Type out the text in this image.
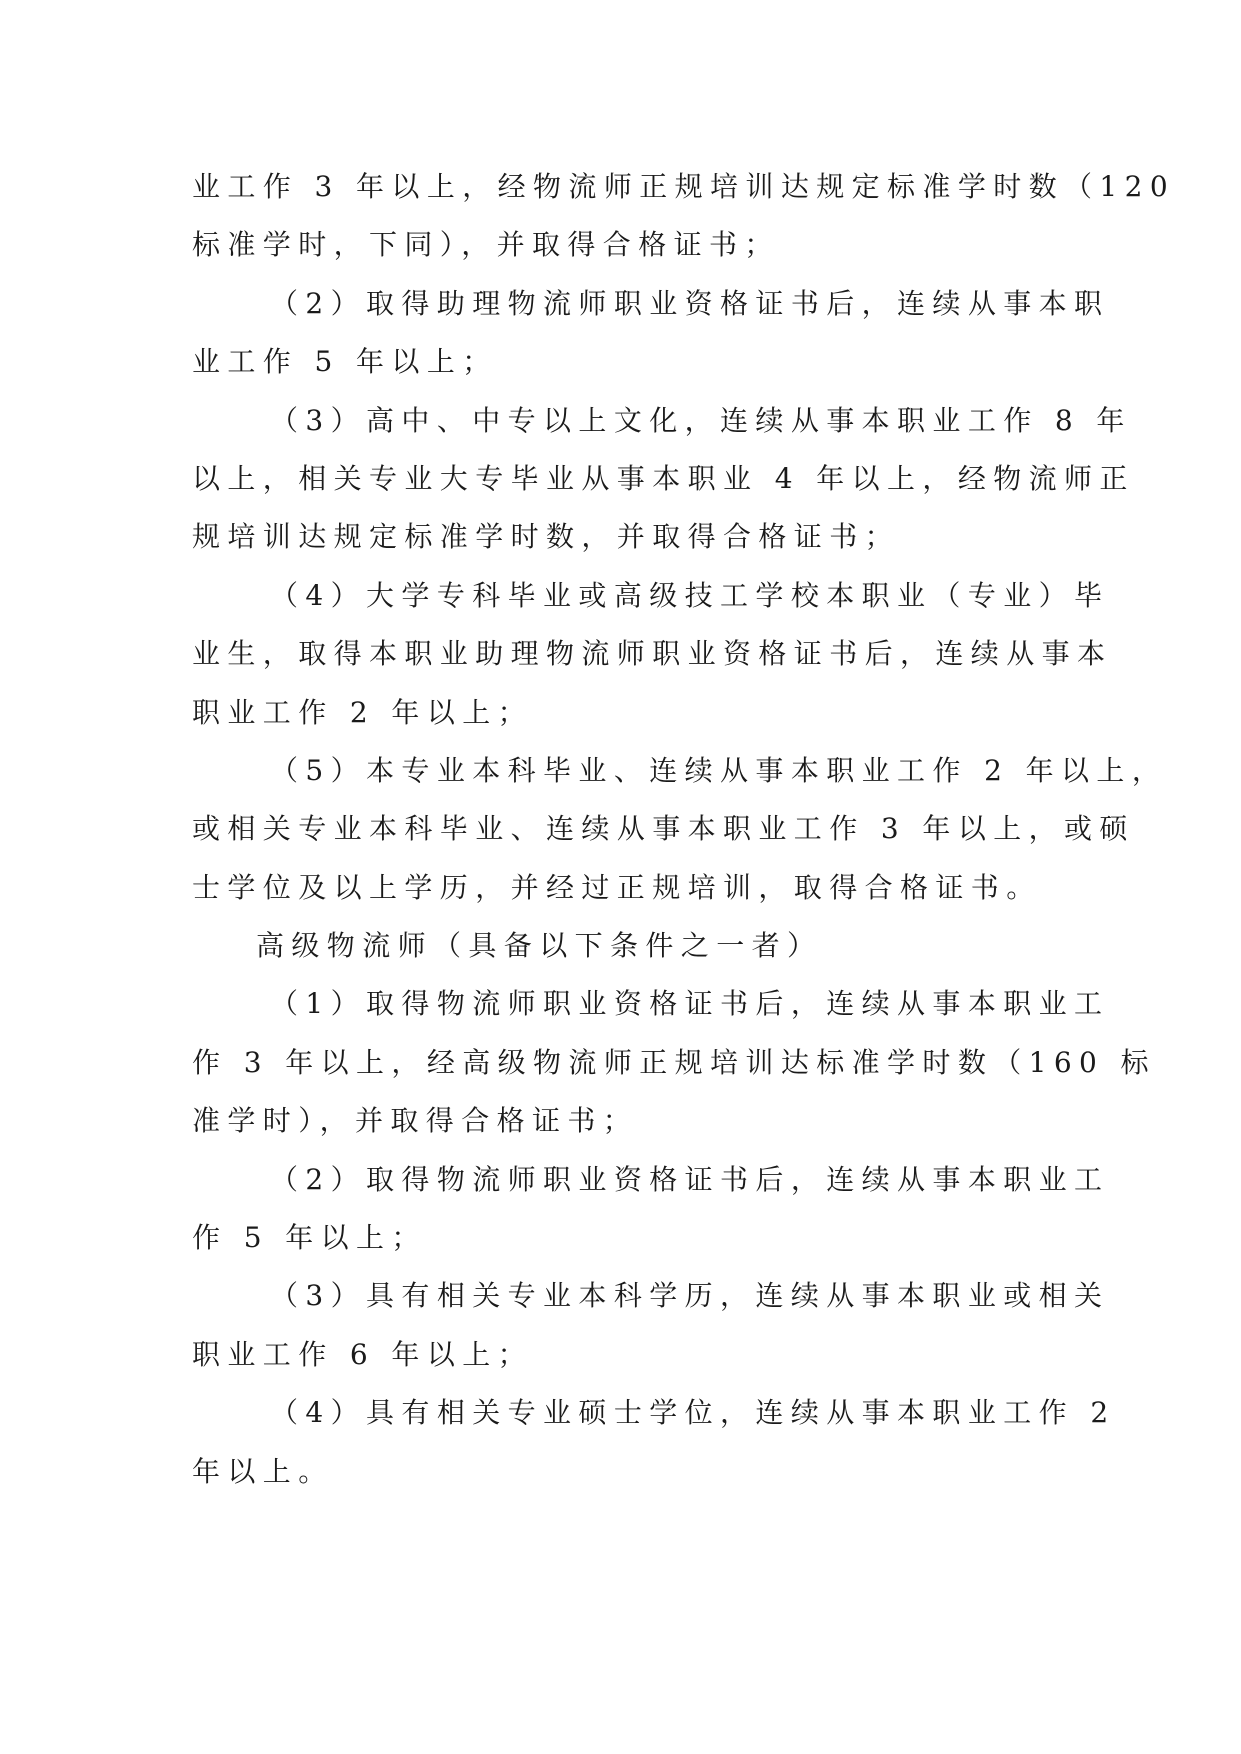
业工作 3 年以上，经物流师正规培训达规定标准学时数（120
标准学时，下同），并取得合格证书；
（2）取得助理物流师职业资格证书后，连续从事本职
业工作 5 年以上；
（3）高中、中专以上文化，连续从事本职业工作 8 年
以上，相关专业大专毕业从事本职业 4 年以上，经物流师正
规培训达规定标准学时数，并取得合格证书；
（4）大学专科毕业或高级技工学校本职业（专业）毕
业生，取得本职业助理物流师职业资格证书后，连续从事本
职业工作 2 年以上；
（5）本专业本科毕业、连续从事本职业工作 2 年以上，
或相关专业本科毕业、连续从事本职业工作 3 年以上，或硕
士学位及以上学历，并经过正规培训，取得合格证书。
高级物流师（具备以下条件之一者）
（1）取得物流师职业资格证书后，连续从事本职业工
作 3 年以上，经高级物流师正规培训达标准学时数（160 标
准学时），并取得合格证书；
（2）取得物流师职业资格证书后，连续从事本职业工
作 5 年以上；
（3）具有相关专业本科学历，连续从事本职业或相关
职业工作 6 年以上；
（4）具有相关专业硕士学位，连续从事本职业工作 2
年以上。
